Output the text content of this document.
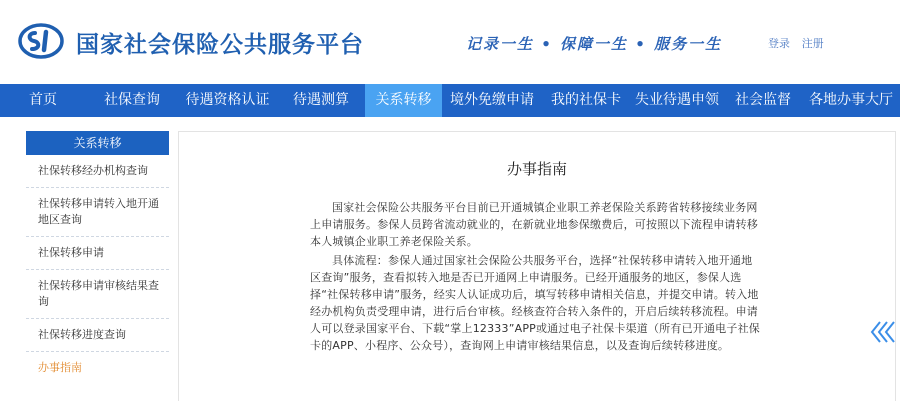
国家社会保险公共服务平台	记录一生 • 保障一生 • 服务一生	登录 注册
首页	社保查询	待遇资格认证	待遇测算	关系转移	境外免缴申请	我的社保卡	失业待遇申领	社会监督	各地办事大厅
关系转移
社保转移经办机构查询
社保转移申请转入地开通地区查询
社保转移申请
社保转移申请审核结果查询
社保转移进度查询
办事指南
办事指南

国家社会保险公共服务平台目前已开通城镇企业职工养老保险关系跨省转移接续业务网上申请服务。参保人员跨省流动就业的，在新就业地参保缴费后，可按照以下流程申请转移本人城镇企业职工养老保险关系。

具体流程：参保人通过国家社会保险公共服务平台，选择“社保转移申请转入地开通地区查询”服务，查看拟转入地是否已开通网上申请服务。已经开通服务的地区，参保人选择“社保转移申请”服务，经实人认证成功后，填写转移申请相关信息，并提交申请。转入地经办机构负责受理申请，进行后台审核。经核查符合转入条件的，开启后续转移流程。申请人可以登录国家平台、下载“掌上12333”APP或通过电子社保卡渠道（所有已开通电子社保卡的APP、小程序、公众号），查询网上申请审核结果信息，以及查询后续转移进度。
